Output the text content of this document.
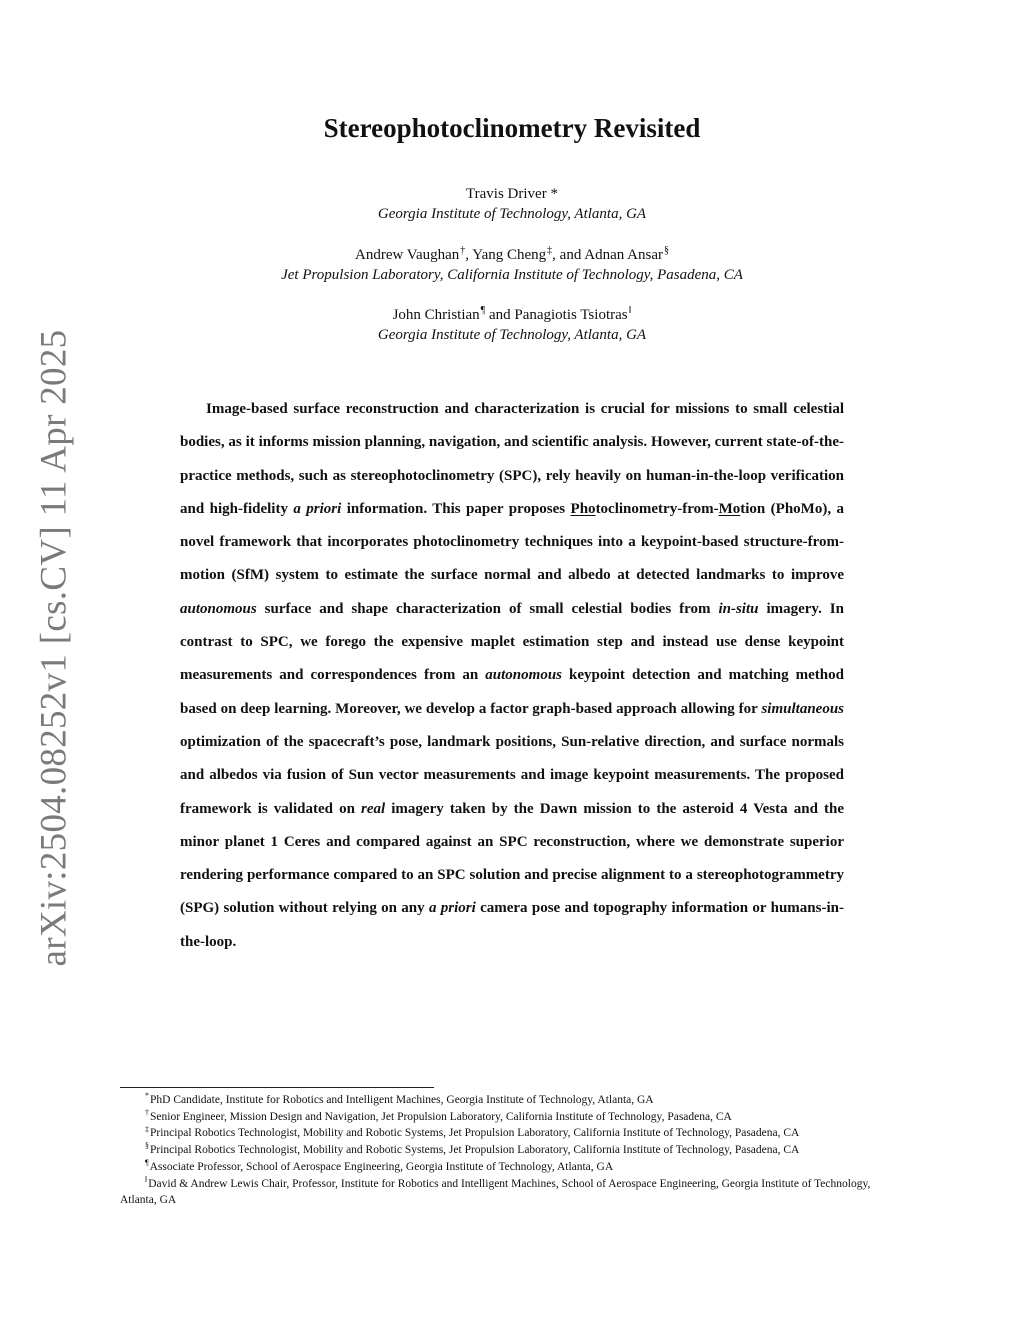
arXiv:2504.08252v1 [cs.CV] 11 Apr 2025
Stereophotoclinometry Revisited
Travis Driver *
Georgia Institute of Technology, Atlanta, GA
Andrew Vaughan†, Yang Cheng‡, and Adnan Ansar§
Jet Propulsion Laboratory, California Institute of Technology, Pasadena, CA
John Christian¶ and Panagiotis Tsiotras‖
Georgia Institute of Technology, Atlanta, GA

Image-based surface reconstruction and characterization is crucial for missions to small celestial bodies, as it informs mission planning, navigation, and scientific analysis. However, current state-of-the-practice methods, such as stereophotoclinometry (SPC), rely heavily on human-in-the-loop verification and high-fidelity a priori information. This paper proposes Photoclinometry-from-Motion (PhoMo), a novel framework that incorporates photoclinometry techniques into a keypoint-based structure-from-motion (SfM) system to estimate the surface normal and albedo at detected landmarks to improve autonomous surface and shape characterization of small celestial bodies from in-situ imagery. In contrast to SPC, we forego the expensive maplet estimation step and instead use dense keypoint measurements and correspondences from an autonomous keypoint detection and matching method based on deep learning. Moreover, we develop a factor graph-based approach allowing for simultaneous optimization of the spacecraft’s pose, landmark positions, Sun-relative direction, and surface normals and albedos via fusion of Sun vector measurements and image keypoint measurements. The proposed framework is validated on real imagery taken by the Dawn mission to the asteroid 4 Vesta and the minor planet 1 Ceres and compared against an SPC reconstruction, where we demonstrate superior rendering performance compared to an SPC solution and precise alignment to a stereophotogrammetry (SPG) solution without relying on any a priori camera pose and topography information or humans-in-the-loop.

*PhD Candidate, Institute for Robotics and Intelligent Machines, Georgia Institute of Technology, Atlanta, GA
†Senior Engineer, Mission Design and Navigation, Jet Propulsion Laboratory, California Institute of Technology, Pasadena, CA
‡Principal Robotics Technologist, Mobility and Robotic Systems, Jet Propulsion Laboratory, California Institute of Technology, Pasadena, CA
§Principal Robotics Technologist, Mobility and Robotic Systems, Jet Propulsion Laboratory, California Institute of Technology, Pasadena, CA
¶Associate Professor, School of Aerospace Engineering, Georgia Institute of Technology, Atlanta, GA
‖David & Andrew Lewis Chair, Professor, Institute for Robotics and Intelligent Machines, School of Aerospace Engineering, Georgia Institute of Technology, Atlanta, GA
